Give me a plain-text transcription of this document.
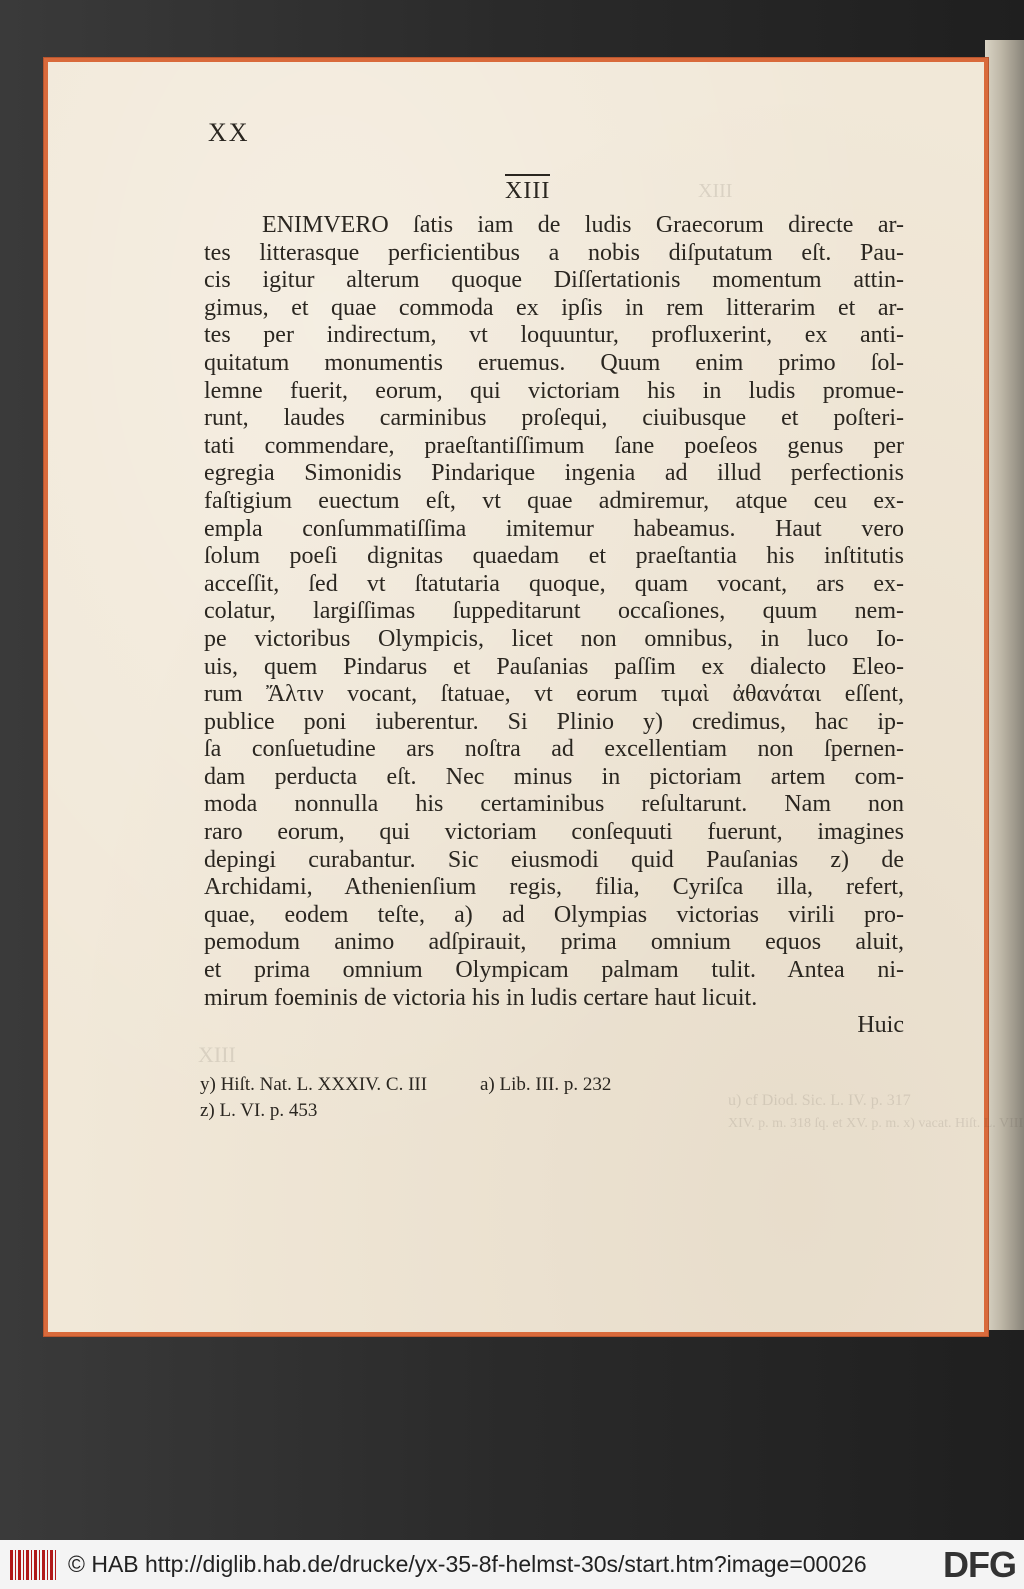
XIII
XIII
u) cf Diod. Sic. L. IV. p. 317
XIV. p. m. 318 ſq. et XV. p. m. x) vacat. Hiſt. L. VIII
XX
XIII
ENIMVERO ſatis iam de ludis Graecorum directe ar-
tes litterasque perficientibus a nobis diſputatum eſt. Pau-
cis igitur alterum quoque Diſſertationis momentum attin-
gimus, et quae commoda ex ipſis in rem litterarim et ar-
tes per indirectum, vt loquuntur, profluxerint, ex anti-
quitatum monumentis eruemus. Quum enim primo ſol-
lemne fuerit, eorum, qui victoriam his in ludis promue-
runt, laudes carminibus proſequi, ciuibusque et poſteri-
tati commendare, praeſtantiſſimum ſane poeſeos genus per
egregia Simonidis Pindarique ingenia ad illud perfectionis
faſtigium euectum eſt, vt quae admiremur, atque ceu ex-
empla conſummatiſſima imitemur habeamus. Haut vero
ſolum poeſi dignitas quaedam et praeſtantia his inſtitutis
acceſſit, ſed vt ſtatutaria quoque, quam vocant, ars ex-
colatur, largiſſimas ſuppeditarunt occaſiones, quum nem-
pe victoribus Olympicis, licet non omnibus, in luco Io-
uis, quem Pindarus et Pauſanias paſſim ex dialecto Eleo-
rum Ἄλτιν vocant, ſtatuae, vt eorum τιμαὶ ἀθανάται eſſent,
publice poni iuberentur. Si Plinio y) credimus, hac ip-
ſa conſuetudine ars noſtra ad excellentiam non ſpernen-
dam perducta eſt. Nec minus in pictoriam artem com-
moda nonnulla his certaminibus reſultarunt. Nam non
raro eorum, qui victoriam conſequuti fuerunt, imagines
depingi curabantur. Sic eiusmodi quid Pauſanias z) de
Archidami, Athenienſium regis, filia, Cyriſca illa, refert,
quae, eodem teſte, a) ad Olympias victorias virili pro-
pemodum animo adſpirauit, prima omnium equos aluit,
et prima omnium Olympicam palmam tulit. Antea ni-
mirum foeminis de victoria his in ludis certare haut licuit.
Huic
y) Hiſt. Nat. L. XXXIV. C. III	a) Lib. III. p. 232
z) L. VI. p. 453
© HAB http://diglib.hab.de/drucke/yx-35-8f-helmst-30s/start.htm?image=00026 DFG
